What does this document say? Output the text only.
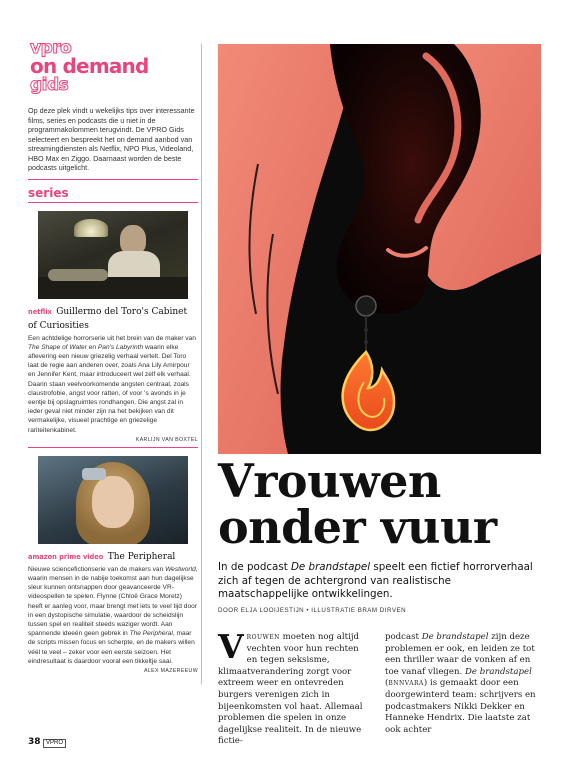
vpro
on demand
gids

Op deze plek vindt u wekelijks tips over interessante films, series en podcasts die u niet in de programmakolommen terugvindt. De VPRO Gids selecteert en bespreekt het on demand aanbod van streamingdiensten als Netflix, NPO Plus, Videoland, HBO Max en Ziggo. Daarnaast worden de beste podcasts uitgelicht.

series
netflix Guillermo del Toro's Cabinet of Curiosities

Een achtdelige horrorserie uit het brein van de maker van The Shape of Water en Pan's Labyrinth waarin elke aflevering een nieuw griezelig verhaal vertelt. Del Toro laat de regie aan anderen over, zoals Ana Lily Amirpour en Jennifer Kent, maar introduceert wel zelf elk verhaal. Daarin staan veelvoorkomende angsten centraal, zoals claustrofobie, angst voor ratten, of voor 's avonds in je eentje bij opslagruimtes rondhangen. Die angst zal in ieder geval niet minder zijn na het bekijken van dit vermakelijke, visueel prachtige en griezelige rariteitenkabinet.

KARLIJN VAN BOXTEL
amazon prime video The Peripheral

Nieuwe sciencefictionserie van de makers van Westworld, waarin mensen in de nabije toekomst aan hun dagelijkse sleur kunnen ontsnappen door geavanceerde VR-videospellen te spelen. Flynne (Chloë Grace Moretz) heeft er aanleg voor, maar brengt met iets te veel tijd door in een dystopische simulatie, waardoor de scheidslijn tussen spel en realiteit steeds waziger wordt. Aan spannende ideeën geen gebrek in The Peripheral, maar de scripts missen focus en scherpte, en de makers willen véél te veel – zeker voor een eerste seizoen. Het eindresultaat is daardoor vooral een tikkeltje saai.

ALEX MAZEREEUW
Vrouwen
onder vuur

In de podcast De brandstapel speelt een fictief horrorverhaal zich af tegen de achtergrond van realistische maatschappelijke ontwikkelingen.

DOOR ELJA LOOIJESTIJN • ILLUSTRATIE BRAM DIRVEN
Vrouwen moeten nog altijd vechten voor hun rechten en tegen seksisme, klimaatverandering zorgt voor extreem weer en ontevreden burgers verenigen zich in bijeenkomsten vol haat. Allemaal problemen die spelen in onze dagelijkse realiteit. In de nieuwe fictie-
podcast De brandstapel zijn deze problemen er ook, en leiden ze tot een thriller waar de vonken af en toe vanaf vliegen. De brandstapel (bnnvara) is gemaakt door een doorgewinterd team: schrijvers en podcastmakers Nikki Dekker en Hanneke Hendrix. Die laatste zat ook achter
38 VPRO
